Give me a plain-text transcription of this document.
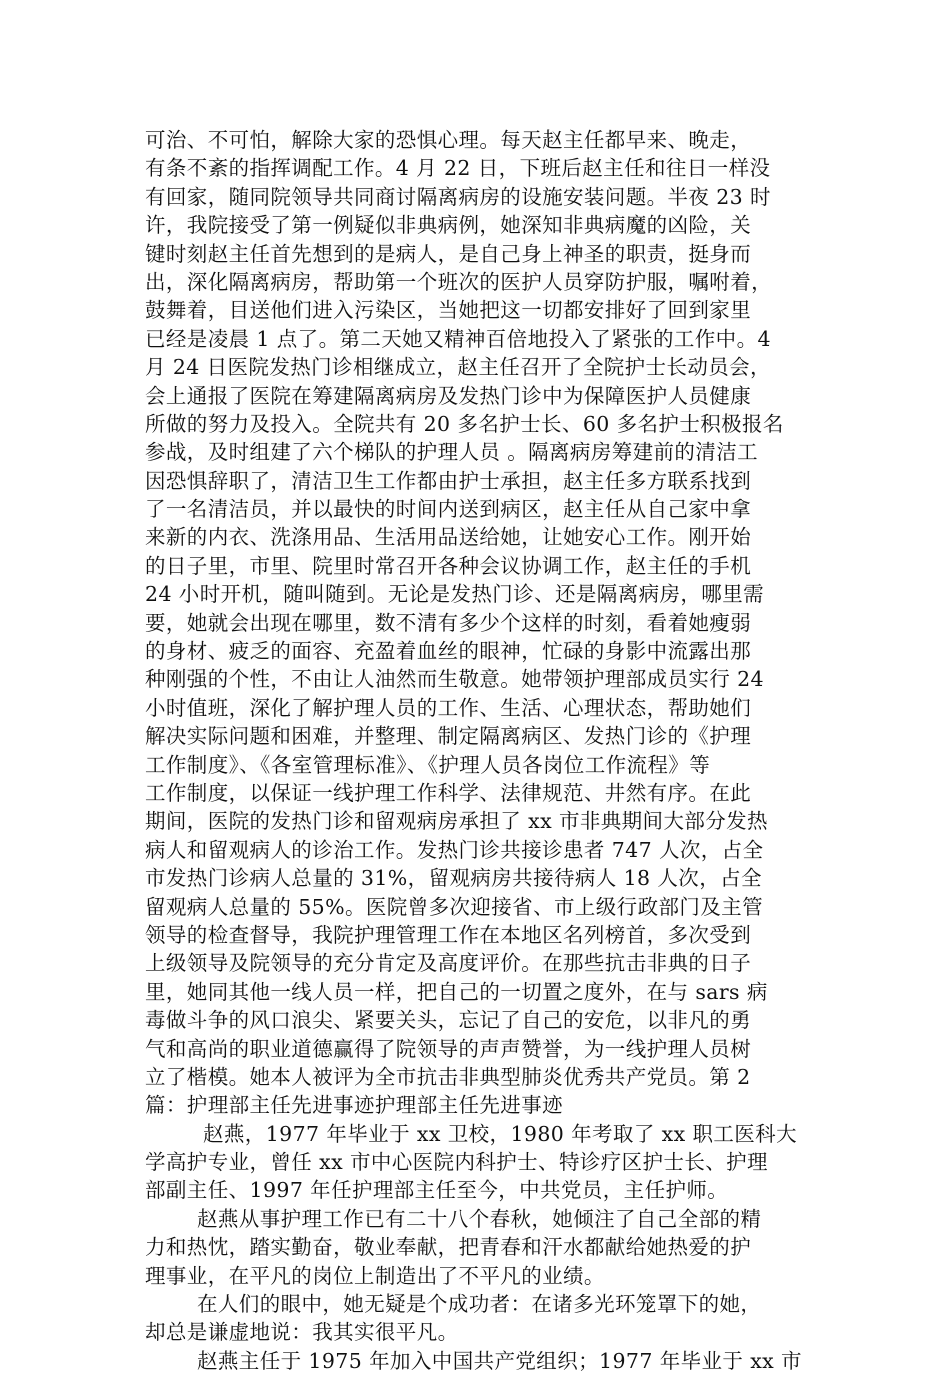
可治、不可怕，解除大家的恐惧心理。每天赵主任都早来、晚走，
有条不紊的指挥调配工作。4 月 22 日，下班后赵主任和往日一样没
有回家，随同院领导共同商讨隔离病房的设施安装问题。半夜 23 时
许，我院接受了第一例疑似非典病例，她深知非典病魔的凶险，关
键时刻赵主任首先想到的是病人，是自己身上神圣的职责，挺身而
出，深化隔离病房，帮助第一个班次的医护人员穿防护服，嘱咐着，
鼓舞着，目送他们进入污染区，当她把这一切都安排好了回到家里
已经是凌晨 1 点了。第二天她又精神百倍地投入了紧张的工作中。4
月 24 日医院发热门诊相继成立，赵主任召开了全院护士长动员会，
会上通报了医院在筹建隔离病房及发热门诊中为保障医护人员健康
所做的努力及投入。全院共有 20 多名护士长、60 多名护士积极报名
参战，及时组建了六个梯队的护理人员 。隔离病房筹建前的清洁工
因恐惧辞职了，清洁卫生工作都由护士承担，赵主任多方联系找到
了一名清洁员，并以最快的时间内送到病区，赵主任从自己家中拿
来新的内衣、洗涤用品、生活用品送给她，让她安心工作。刚开始
的日子里，市里、院里时常召开各种会议协调工作，赵主任的手机
24 小时开机，随叫随到。无论是发热门诊、还是隔离病房，哪里需
要，她就会出现在哪里，数不清有多少个这样的时刻，看着她瘦弱
的身材、疲乏的面容、充盈着血丝的眼神，忙碌的身影中流露出那
种刚强的个性，不由让人油然而生敬意。她带领护理部成员实行 24
小时值班，深化了解护理人员的工作、生活、心理状态，帮助她们
解决实际问题和困难，并整理、制定隔离病区、发热门诊的《护理
工作制度》、《各室管理标准》、《护理人员各岗位工作流程》等
工作制度，以保证一线护理工作科学、法律规范、井然有序。在此
期间，医院的发热门诊和留观病房承担了 xx 市非典期间大部分发热
病人和留观病人的诊治工作。发热门诊共接诊患者 747 人次，占全
市发热门诊病人总量的 31%，留观病房共接待病人 18 人次，占全
留观病人总量的 55%。医院曾多次迎接省、市上级行政部门及主管
领导的检查督导，我院护理管理工作在本地区名列榜首，多次受到
上级领导及院领导的充分肯定及高度评价。在那些抗击非典的日子
里，她同其他一线人员一样，把自己的一切置之度外，在与 sars 病
毒做斗争的风口浪尖、紧要关头，忘记了自己的安危，以非凡的勇
气和高尚的职业道德赢得了院领导的声声赞誉，为一线护理人员树
立了楷模。她本人被评为全市抗击非典型肺炎优秀共产党员。第 2
篇：护理部主任先进事迹护理部主任先进事迹
赵燕，1977 年毕业于 xx 卫校，1980 年考取了 xx 职工医科大
学高护专业，曾任 xx 市中心医院内科护士、特诊疗区护士长、护理
部副主任、1997 年任护理部主任至今，中共党员，主任护师。
赵燕从事护理工作已有二十八个春秋，她倾注了自己全部的精
力和热忱，踏实勤奋，敬业奉献，把青春和汗水都献给她热爱的护
理事业，在平凡的岗位上制造出了不平凡的业绩。
在人们的眼中，她无疑是个成功者：在诸多光环笼罩下的她，
却总是谦虚地说：我其实很平凡。
赵燕主任于 1975 年加入中国共产党组织；1977 年毕业于 xx 市
